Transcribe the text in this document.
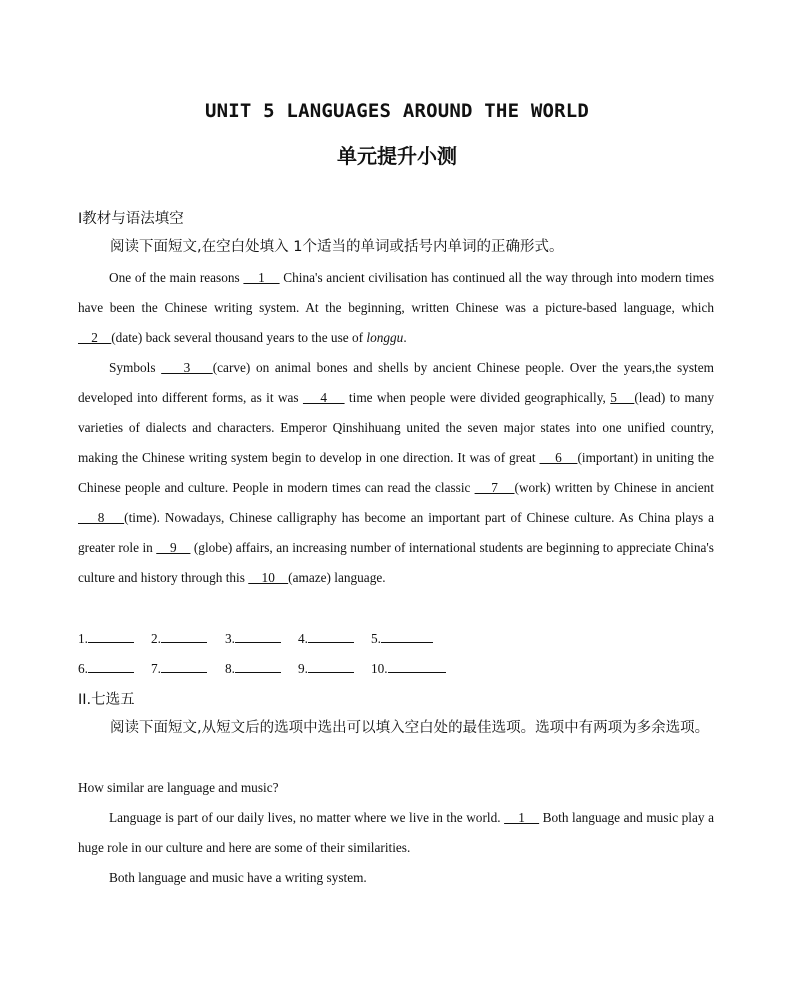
UNIT 5 LANGUAGES AROUND THE WORLD
单元提升小测
I教材与语法填空
阅读下面短文,在空白处填入 1个适当的单词或括号内单词的正确形式。
One of the main reasons     1     China's ancient civilisation has continued all the way through into modern times have been the Chinese writing system. At the beginning, written Chinese was a picture-based language, which     2    (date) back several thousand years to the use of longgu.
Symbols     3    (carve) on animal bones and shells by ancient Chinese people. Over the years,the system developed into different forms, as it was     4     time when people were divided geographically, 5    (lead) to many varieties of dialects and characters. Emperor Qinshihuang united the seven major states into one unified country, making the Chinese writing system begin to develop in one direction. It was of great     6    (important) in uniting the Chinese people and culture. People in modern times can read the classic     7    (work) written by Chinese in ancient     8    (time). Nowadays, Chinese calligraphy has become an important part of Chinese culture. As China plays a greater role in     9     (globe) affairs, an increasing number of international students are beginning to appreciate China's culture and history through this     10    (amaze) language.
1.	2.	3.	4.	5.
6.	7.	8.	9.	10.
II.七选五
阅读下面短文,从短文后的选项中选出可以填入空白处的最佳选项。选项中有两项为多余选项。
How similar are language and music?
Language is part of our daily lives, no matter where we live in the world.     1     Both language and music play a huge role in our culture and here are some of their similarities.
Both language and music have a writing system.
